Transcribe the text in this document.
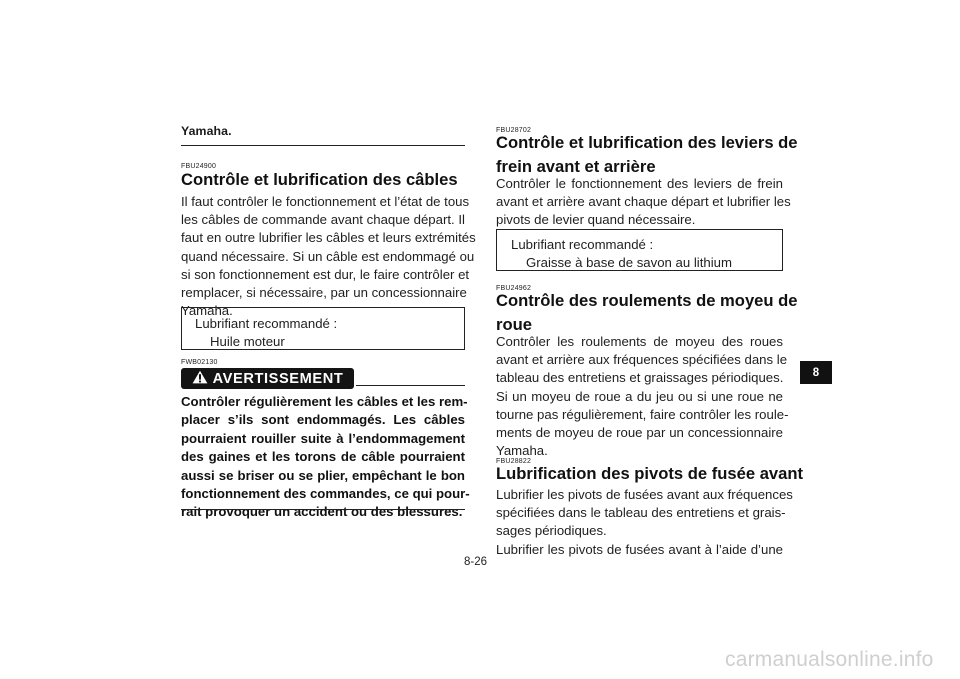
Yamaha.
FBU24900
Contrôle et lubrification des câbles
Il faut contrôler le fonctionnement et l’état de tous
les câbles de commande avant chaque départ. Il
faut en outre lubrifier les câbles et leurs extrémités
quand nécessaire. Si un câble est endommagé ou
si son fonctionnement est dur, le faire contrôler et
remplacer, si nécessaire, par un concessionnaire
Yamaha.
Lubrifiant recommandé :
Huile moteur
FWB02130
AVERTISSEMENT
Contrôler régulièrement les câbles et les rem-
placer s’ils sont endommagés. Les câbles
pourraient rouiller suite à l’endommagement
des gaines et les torons de câble pourraient
aussi se briser ou se plier, empêchant le bon
fonctionnement des commandes, ce qui pour-
rait provoquer un accident ou des blessures.
FBU28702
Contrôle et lubrification des leviers de
frein avant et arrière
Contrôler le fonctionnement des leviers de frein
avant et arrière avant chaque départ et lubrifier les
pivots de levier quand nécessaire.
Lubrifiant recommandé :
Graisse à base de savon au lithium
FBU24962
Contrôle des roulements de moyeu de
roue
Contrôler les roulements de moyeu des roues
avant et arrière aux fréquences spécifiées dans le
tableau des entretiens et graissages périodiques.
Si un moyeu de roue a du jeu ou si une roue ne
tourne pas régulièrement, faire contrôler les roule-
ments de moyeu de roue par un concessionnaire
Yamaha.
FBU28822
Lubrification des pivots de fusée avant
Lubrifier les pivots de fusées avant aux fréquences
spécifiées dans le tableau des entretiens et grais-
sages périodiques.
Lubrifier les pivots de fusées avant à l’aide d’une
8
8-26
carmanualsonline.info
